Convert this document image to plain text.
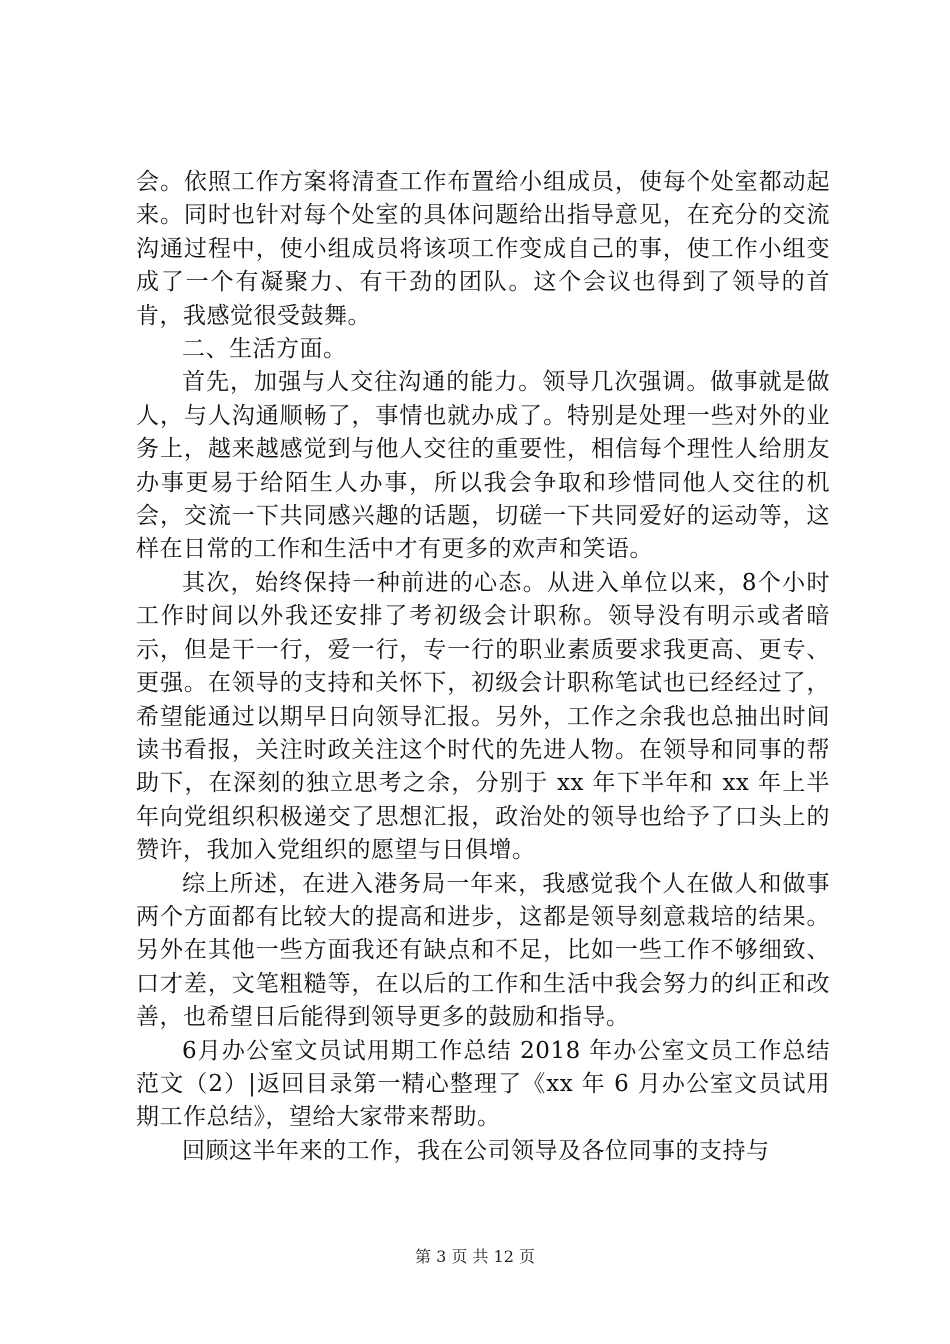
会。依照工作方案将清查工作布置给小组成员，使每个处室都动起来。同时也针对每个处室的具体问题给出指导意见，在充分的交流沟通过程中，使小组成员将该项工作变成自己的事，使工作小组变成了一个有凝聚力、有干劲的团队。这个会议也得到了领导的首肯，我感觉很受鼓舞。

二、生活方面。

首先，加强与人交往沟通的能力。领导几次强调。做事就是做人，与人沟通顺畅了，事情也就办成了。特别是处理一些对外的业务上，越来越感觉到与他人交往的重要性，相信每个理性人给朋友办事更易于给陌生人办事，所以我会争取和珍惜同他人交往的机会，交流一下共同感兴趣的话题，切磋一下共同爱好的运动等，这样在日常的工作和生活中才有更多的欢声和笑语。

其次，始终保持一种前进的心态。从进入单位以来，8个小时工作时间以外我还安排了考初级会计职称。领导没有明示或者暗示，但是干一行，爱一行，专一行的职业素质要求我更高、更专、更强。在领导的支持和关怀下，初级会计职称笔试也已经经过了，希望能通过以期早日向领导汇报。另外，工作之余我也总抽出时间读书看报，关注时政关注这个时代的先进人物。在领导和同事的帮助下，在深刻的独立思考之余，分别于 xx 年下半年和 xx 年上半年向党组织积极递交了思想汇报，政治处的领导也给予了口头上的赞许，我加入党组织的愿望与日俱增。

综上所述，在进入港务局一年来，我感觉我个人在做人和做事两个方面都有比较大的提高和进步，这都是领导刻意栽培的结果。另外在其他一些方面我还有缺点和不足，比如一些工作不够细致、口才差，文笔粗糙等，在以后的工作和生活中我会努力的纠正和改善，也希望日后能得到领导更多的鼓励和指导。

6月办公室文员试用期工作总结 2018 年办公室文员工作总结范文（2）|返回目录第一精心整理了《xx 年 6 月办公室文员试用期工作总结》，望给大家带来帮助。

回顾这半年来的工作，我在公司领导及各位同事的支持与

第 3 页 共 12 页
